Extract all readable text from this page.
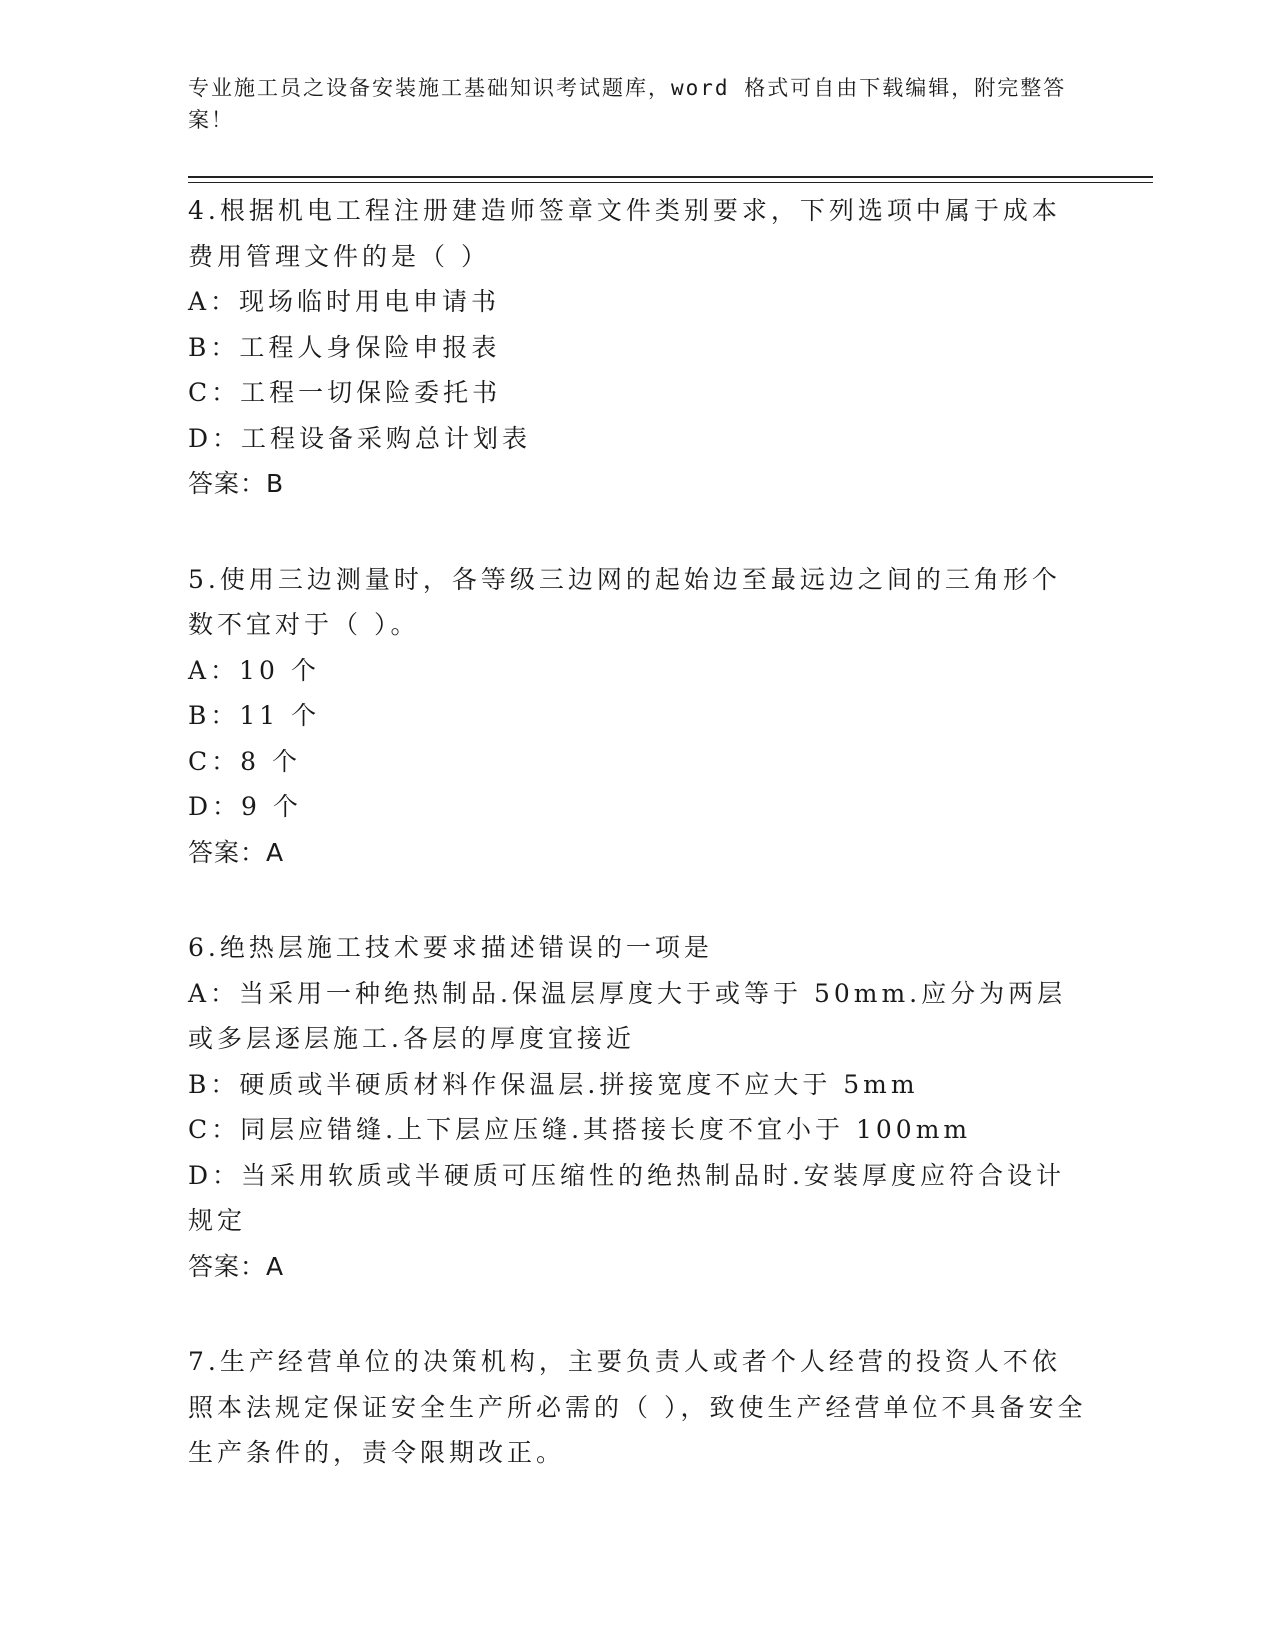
专业施工员之设备安装施工基础知识考试题库，word 格式可自由下载编辑，附完整答案！

4.根据机电工程注册建造师签章文件类别要求，下列选项中属于成本费用管理文件的是（ ）

A：现场临时用电申请书

B：工程人身保险申报表

C：工程一切保险委托书

D：工程设备采购总计划表

答案：B

5.使用三边测量时，各等级三边网的起始边至最远边之间的三角形个数不宜对于（ ）。

A：10 个

B：11 个

C：8 个

D：9 个

答案：A

6.绝热层施工技术要求描述错误的一项是

A：当采用一种绝热制品.保温层厚度大于或等于 50mm.应分为两层或多层逐层施工.各层的厚度宜接近

B：硬质或半硬质材料作保温层.拼接宽度不应大于 5mm

C：同层应错缝.上下层应压缝.其搭接长度不宜小于 100mm

D：当采用软质或半硬质可压缩性的绝热制品时.安装厚度应符合设计规定

答案：A

7.生产经营单位的决策机构，主要负责人或者个人经营的投资人不依照本法规定保证安全生产所必需的（ ），致使生产经营单位不具备安全生产条件的，责令限期改正。
